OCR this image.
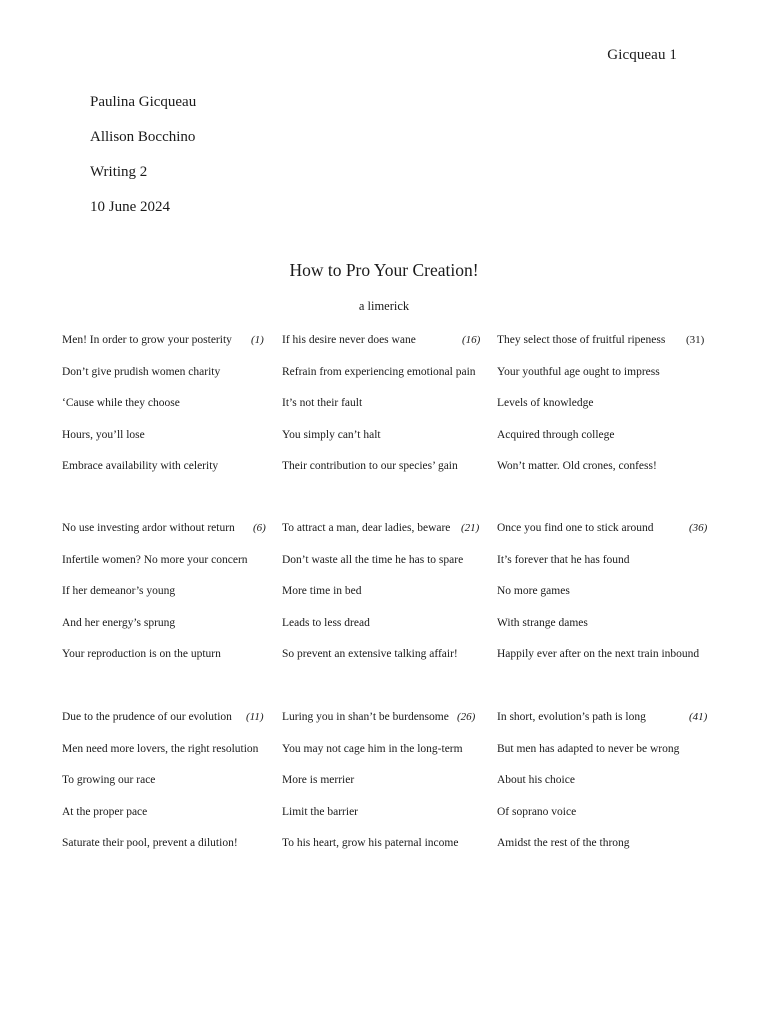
Gicqueau 1
Paulina Gicqueau
Allison Bocchino
Writing 2
10 June 2024
How to Pro Your Creation!
a limerick
Men! In order to grow your posterity (1)
Don’t give prudish women charity
‘Cause while they choose
Hours, you’ll lose
Embrace availability with celerity
If his desire never does wane	(16)
Refrain from experiencing emotional pain
It’s not their fault
You simply can’t halt
Their contribution to our species’ gain
They select those of fruitful ripeness (31)
Your youthful age ought to impress
Levels of knowledge
Acquired through college
Won’t matter. Old crones, confess!
No use investing ardor without return (6)
Infertile women? No more your concern
If her demeanor’s young
And her energy’s sprung
Your reproduction is on the upturn
To attract a man, dear ladies, beware (21)
Don’t waste all the time he has to spare
More time in bed
Leads to less dread
So prevent an extensive talking affair!
Once you find one to stick around	(36)
It’s forever that he has found
No more games
With strange dames
Happily ever after on the next train inbound
Due to the prudence of our evolution (11)
Men need more lovers, the right resolution
To growing our race
At the proper pace
Saturate their pool, prevent a dilution!
Luring you in shan’t be burdensome (26)
You may not cage him in the long-term
More is merrier
Limit the barrier
To his heart, grow his paternal income
In short, evolution’s path is long	(41)
But men has adapted to never be wrong
About his choice
Of soprano voice
Amidst the rest of the throng
